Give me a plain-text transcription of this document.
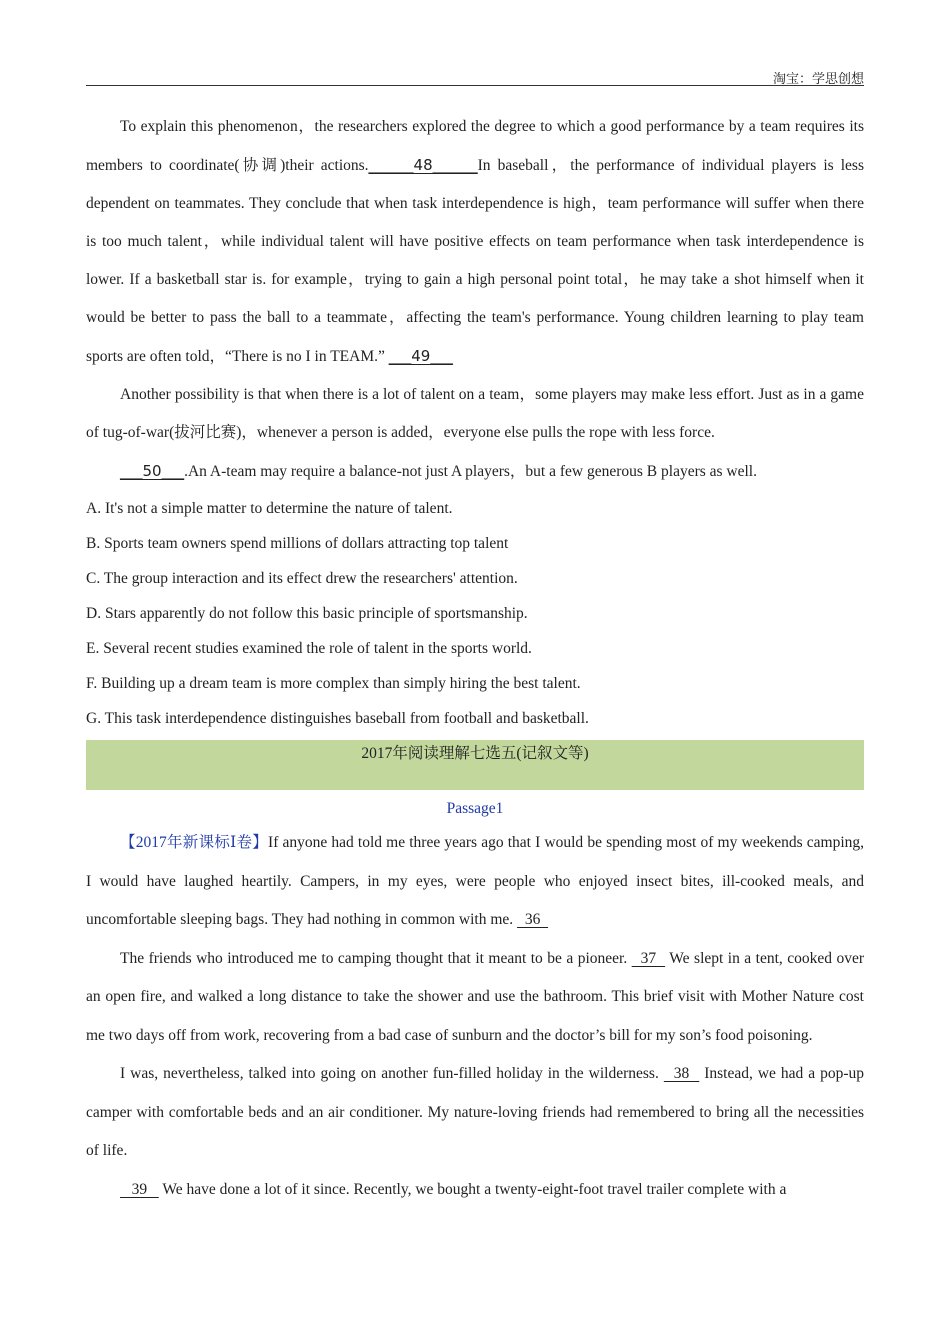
淘宝：学思创想

To explain this phenomenon，the researchers explored the degree to which a good performance by a team requires its members to coordinate(协调)their actions.______48______In baseball，the performance of individual players is less dependent on teammates. They conclude that when task interdependence is high，team performance will suffer when there is too much talent，while individual talent will have positive effects on team performance when task interdependence is lower. If a basketball star is. for example，trying to gain a high personal point total，he may take a shot himself when it would be better to pass the ball to a teammate，affecting the team's performance. Young children learning to play team sports are often told，“There is no I in TEAM.” ___49___

Another possibility is that when there is a lot of talent on a team，some players may make less effort. Just as in a game of tug-of-war(拔河比赛)，whenever a person is added，everyone else pulls the rope with less force.

___50___.An A-team may require a balance-not just A players，but a few generous B players as well.

A. It's not a simple matter to determine the nature of talent.

B. Sports team owners spend millions of dollars attracting top talent

C. The group interaction and its effect drew the researchers' attention.

D. Stars apparently do not follow this basic principle of sportsmanship.

E. Several recent studies examined the role of talent in the sports world.

F. Building up a dream team is more complex than simply hiring the best talent.

G. This task interdependence distinguishes baseball from football and basketball.

2017年阅读理解七选五(记叙文等)

Passage1

【2017年新课标Ⅰ卷】If anyone had told me three years ago that I would be spending most of my weekends camping, I would have laughed heartily. Campers, in my eyes, were people who enjoyed insect bites, ill-cooked meals, and uncomfortable sleeping bags. They had nothing in common with me.   36

The friends who introduced me to camping thought that it meant to be a pioneer.   37   We slept in a tent, cooked over an open fire, and walked a long distance to take the shower and use the bathroom. This brief visit with Mother Nature cost me two days off from work, recovering from a bad case of sunburn and the doctor’s bill for my son’s food poisoning.

I was, nevertheless, talked into going on another fun-filled holiday in the wilderness.   38   Instead, we had a pop-up camper with comfortable beds and an air conditioner. My nature-loving friends had remembered to bring all the necessities of life.

39    We have done a lot of it since. Recently, we bought a twenty-eight-foot travel trailer complete with a
